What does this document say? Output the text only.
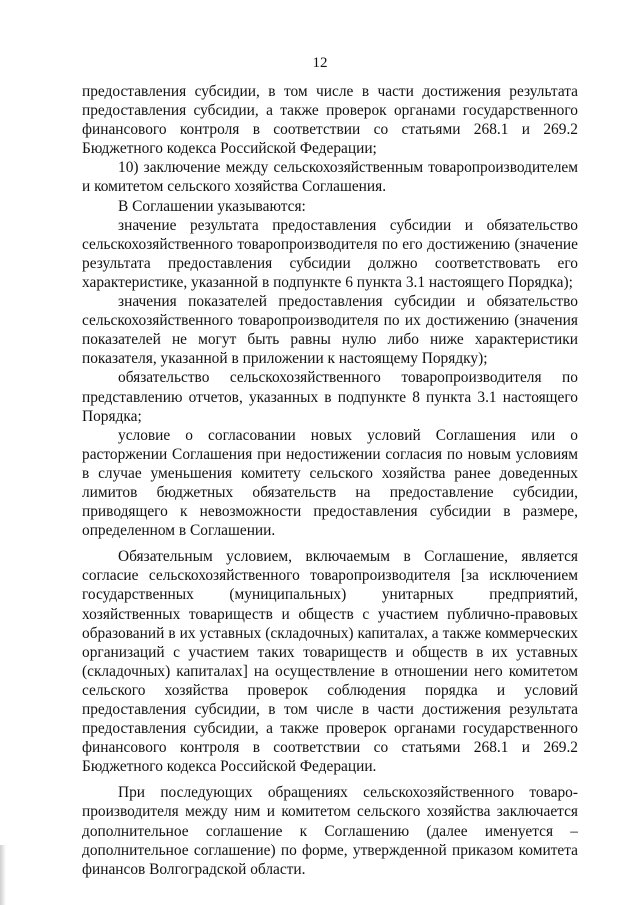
12

предоставления субсидии, в том числе в части достижения результата предоставления субсидии, а также проверок органами государственного финансового контроля в соответствии со статьями 268.1 и 269.2 Бюджетного кодекса Российской Федерации;

10) заключение между сельскохозяйственным товаропроизводителем и комитетом сельского хозяйства Соглашения.

В Соглашении указываются:

значение результата предоставления субсидии и обязательство сельскохозяйственного товаропроизводителя по его достижению (значение результата предоставления субсидии должно соответствовать его характеристике, указанной в подпункте 6 пункта 3.1 настоящего Порядка);

значения показателей предоставления субсидии и обязательство сельскохозяйственного товаропроизводителя по их достижению (значения показателей не могут быть равны нулю либо ниже характеристики показателя, указанной в приложении к настоящему Порядку);

обязательство сельскохозяйственного товаропроизводителя по представлению отчетов, указанных в подпункте 8 пункта 3.1 настоящего Порядка;

условие о согласовании новых условий Соглашения или о расторжении Соглашения при недостижении согласия по новым условиям в случае уменьшения комитету сельского хозяйства ранее доведенных лимитов бюджетных обязательств на предоставление субсидии, приводящего к невозможности предоставления субсидии в размере, определенном в Соглашении.

Обязательным условием, включаемым в Соглашение, является согласие сельскохозяйственного товаропроизводителя [за исключением государственных (муниципальных) унитарных предприятий, хозяйственных товариществ и обществ с участием публично-правовых образований в их уставных (складочных) капиталах, а также коммерческих организаций с участием таких товариществ и обществ в их уставных (складочных) капиталах] на осуществление в отношении него комитетом сельского хозяйства проверок соблюдения порядка и условий предоставления субсидии, в том числе в части достижения результата предоставления субсидии, а также проверок органами государственного финансового контроля в соответствии со статьями 268.1 и 269.2 Бюджетного кодекса Российской Федерации.

При последующих обращениях сельскохозяйственного товаропроизводителя между ним и комитетом сельского хозяйства заключается дополнительное соглашение к Соглашению (далее именуется – дополнительное соглашение) по форме, утвержденной приказом комитета финансов Волгоградской области.
